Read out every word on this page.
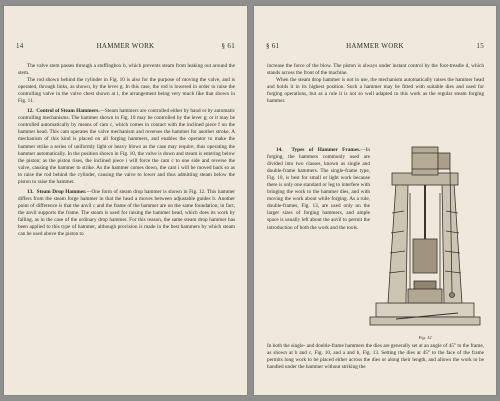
14	HAMMER WORK	§ 61

The valve stem passes through a stuffingbox b, which prevents steam from leaking out around the stem.

The rod shown behind the cylinder in Fig. 10 is also for the purpose of moving the valve, and is operated, through links, as shown, by the lever g. In this case, the rod is lowered in order to raise the controlling valve in the valve chest shown at l, the arrangement being very much like that shown in Fig. 11.

12. Control of Steam Hammers.—Steam hammers are controlled either by hand or by automatic controlling mechanisms. The hammer shown in Fig. 10 may be controlled by the lever g; or it may be controlled automatically by means of cam c, which comes in contact with the inclined piece f on the hammer head. This cam operates the valve mechanism and reverses the hammer for another stroke. A mechanism of this kind is placed on all forging hammers, and enables the operator to make the hammer strike a series of uniformly light or heavy blows as the case may require, thus operating the hammer automatically. In the position shown in Fig. 10, the valve is down and steam is entering below the piston; as the piston rises, the inclined piece i will force the cam c to one side and reverse the valve, causing the hammer to strike. As the hammer comes down, the cam i will be moved back so as to raise the rod behind the cylinder, causing the valve to lower and thus admitting steam below the piston to raise the hammer.

13. Steam Drop Hammer.—One form of steam drop hammer is shown in Fig. 12. This hammer differs from the steam forge hammer in that the head a moves between adjustable guides b. Another point of difference is that the anvil c and the frame of the hammer are on the same foundation; in fact, the anvil supports the frame. The steam is used for raising the hammer head, which does its work by falling, as in the case of the ordinary drop hammer. For this reason, the same steam drop hammer has been applied to this type of hammer, although provision is made in the best hammers by which steam can be used above the piston to

§ 61	HAMMER WORK	15

increase the force of the blow. The piston is always under instant control by the foot-treadle d, which stands across the front of the machine.

When the steam drop hammer is not in use, the mechanism automatically raises the hammer head and holds it in its highest position. Such a hammer may be fitted with suitable dies and used for forging operations, but as a rule it is not so well adapted to this work as the regular steam forging hammer.

14. Types of Hammer Frames.—In forging, the hammers commonly used are divided into two classes, known as single and double-frame hammers. The single-frame type, Fig. 10, is best for small or light work because there is only one standard or leg to interfere with bringing the work to the hammer dies, and with moving the work about while forging. As a rule, double-frames, Fig. 13, are used only on the larger sizes of forging hammers, and ample space is usually left about the anvil to permit the introduction of both the work and the tools.

Fig. 12

In both the single- and double-frame hammers the dies are generally set at an angle of 45° to the frame, as shown at b and c, Fig. 10, and a and b, Fig. 13. Setting the dies at 45° to the face of the frame permits long work to be placed either across the dies or along their length, and allows the work to be handled under the hammer without striking the
